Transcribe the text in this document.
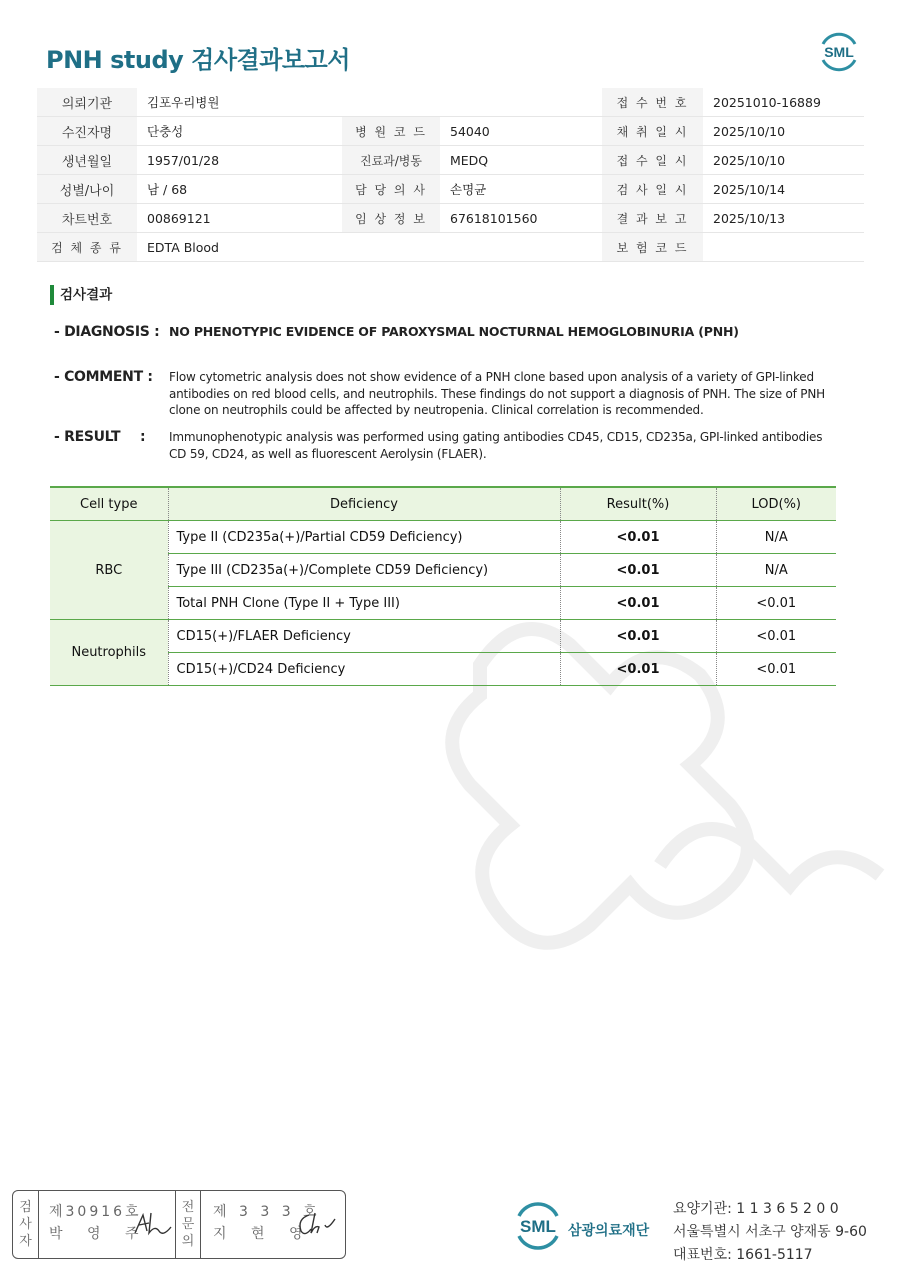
PNH study 검사결과보고서	SML
의뢰기관	김포우리병원			접 수 번 호	20251010-16889
수진자명	단충성	병 원 코 드	54040	채 취 일 시	2025/10/10
생년월일	1957/01/28	진료과/병동	MEDQ	접 수 일 시	2025/10/10
성별/나이	남 / 68	담 당 의 사	손명균	검 사 일 시	2025/10/14
차트번호	00869121	임 상 정 보	67618101560	결 과 보 고	2025/10/13
검 체 종 류	EDTA Blood			보 험 코 드	
검사결과
- DIAGNOSIS : NO PHENOTYPIC EVIDENCE OF PAROXYSMAL NOCTURNAL HEMOGLOBINURIA (PNH)
- COMMENT : Flow cytometric analysis does not show evidence of a PNH clone based upon analysis of a variety of GPI-linked antibodies on red blood cells, and neutrophils. These findings do not support a diagnosis of PNH. The size of PNH clone on neutrophils could be affected by neutropenia. Clinical correlation is recommended.
- RESULT : Immunophenotypic analysis was performed using gating antibodies CD45, CD15, CD235a, GPI-linked antibodies CD 59, CD24, as well as fluorescent Aerolysin (FLAER).
Cell type	Deficiency	Result(%)	LOD(%)
RBC	Type II (CD235a(+)/Partial CD59 Deficiency)	<0.01	N/A
	Type III (CD235a(+)/Complete CD59 Deficiency)	<0.01	N/A
	Total PNH Clone (Type II + Type III)	<0.01	<0.01
Neutrophils	CD15(+)/FLAER Deficiency	<0.01	<0.01
	CD15(+)/CD24 Deficiency	<0.01	<0.01
검
사
자
제30916호
박 영 주
전
문
의
제 3 3 3 호
지 현 영	SML 삼광의료재단
요양기관: 1 1 3 6 5 2 0 0
서울특별시 서초구 양재동 9-60
대표번호: 1661-5117
